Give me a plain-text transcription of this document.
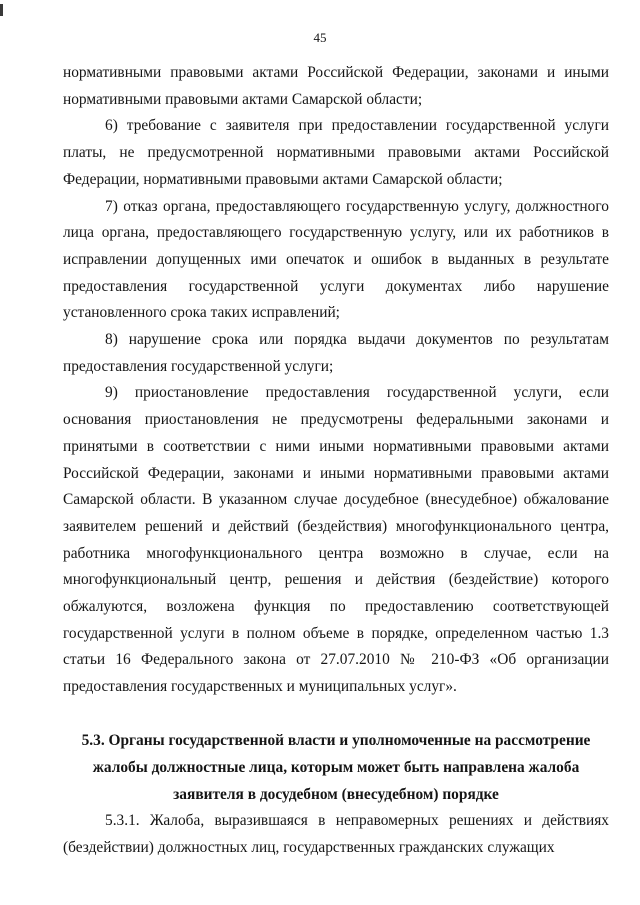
45

нормативными правовыми актами Российской Федерации, законами и иными нормативными правовыми актами Самарской области;

6) требование с заявителя при предоставлении государственной услуги платы, не предусмотренной нормативными правовыми актами Российской Федерации, нормативными правовыми актами Самарской области;

7) отказ органа, предоставляющего государственную услугу, должностного лица органа, предоставляющего государственную услугу, или их работников в исправлении допущенных ими опечаток и ошибок в выданных в результате предоставления государственной услуги документах либо нарушение установленного срока таких исправлений;

8) нарушение срока или порядка выдачи документов по результатам предоставления государственной услуги;

9) приостановление предоставления государственной услуги, если основания приостановления не предусмотрены федеральными законами и принятыми в соответствии с ними иными нормативными правовыми актами Российской Федерации, законами и иными нормативными правовыми актами Самарской области. В указанном случае досудебное (внесудебное) обжалование заявителем решений и действий (бездействия) многофункционального центра, работника многофункционального центра возможно в случае, если на многофункциональный центр, решения и действия (бездействие) которого обжалуются, возложена функция по предоставлению соответствующей государственной услуги в полном объеме в порядке, определенном частью 1.3 статьи 16 Федерального закона от 27.07.2010 № 210-ФЗ «Об организации предоставления государственных и муниципальных услуг».

5.3. Органы государственной власти и уполномоченные на рассмотрение жалобы должностные лица, которым может быть направлена жалоба заявителя в досудебном (внесудебном) порядке

5.3.1. Жалоба, выразившаяся в неправомерных решениях и действиях (бездействии) должностных лиц, государственных гражданских служащих
